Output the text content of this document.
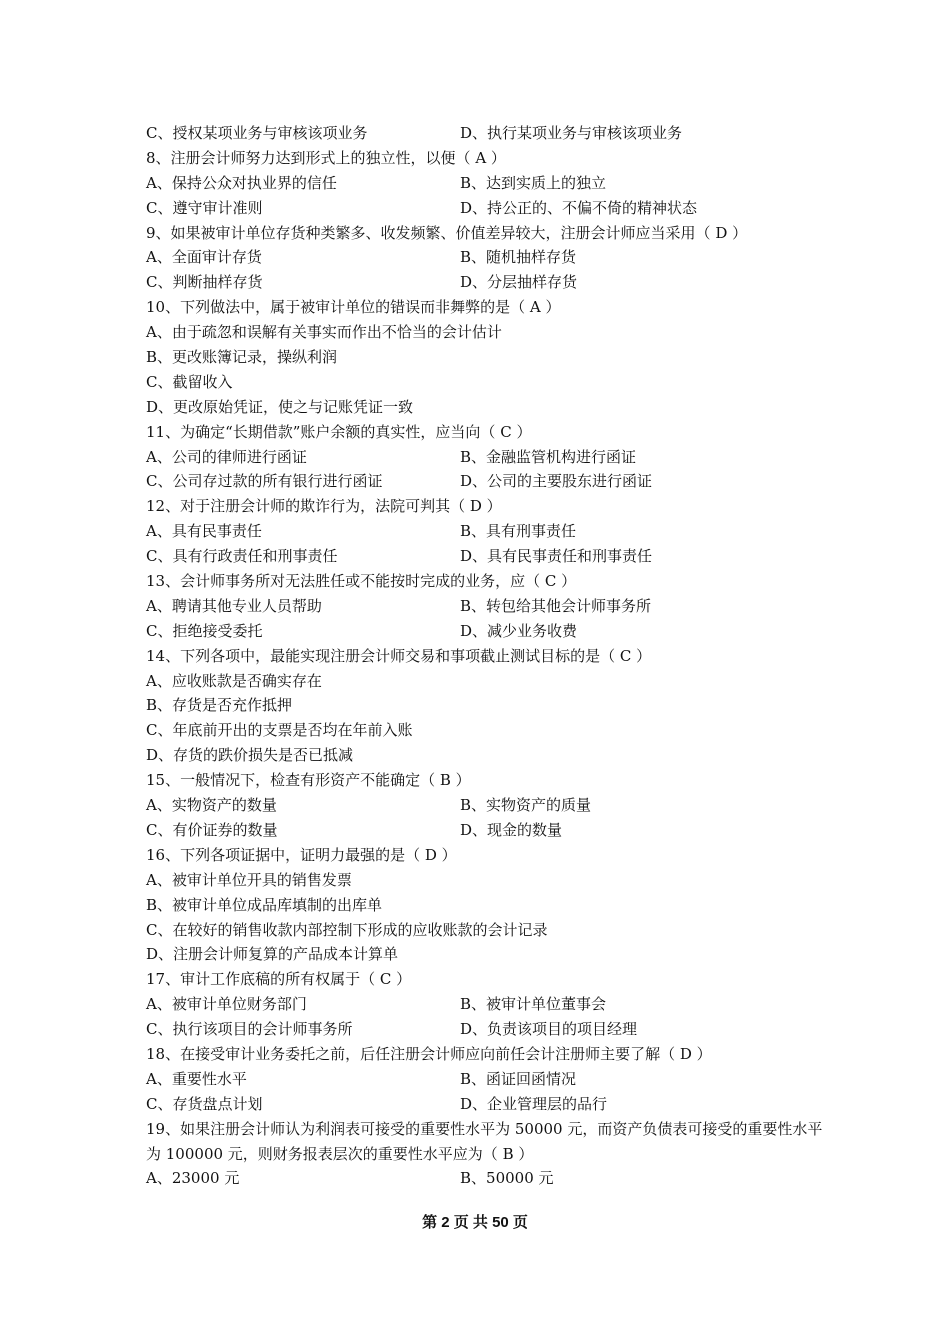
C、授权某项业务与审核该项业务	D、执行某项业务与审核该项业务
8、注册会计师努力达到形式上的独立性，以便（ A ）
A、保持公众对执业界的信任	B、达到实质上的独立
C、遵守审计准则	D、持公正的、不偏不倚的精神状态
9、如果被审计单位存货种类繁多、收发频繁、价值差异较大，注册会计师应当采用（ D ）
A、全面审计存货	B、随机抽样存货
C、判断抽样存货	D、分层抽样存货
10、下列做法中，属于被审计单位的错误而非舞弊的是（ A ）
A、由于疏忽和误解有关事实而作出不恰当的会计估计
B、更改账簿记录，操纵利润
C、截留收入
D、更改原始凭证，使之与记账凭证一致
11、为确定“长期借款”账户余额的真实性，应当向（ C ）
A、公司的律师进行函证	B、金融监管机构进行函证
C、公司存过款的所有银行进行函证	D、公司的主要股东进行函证
12、对于注册会计师的欺诈行为，法院可判其（ D ）
A、具有民事责任	B、具有刑事责任
C、具有行政责任和刑事责任	D、具有民事责任和刑事责任
13、会计师事务所对无法胜任或不能按时完成的业务，应（ C ）
A、聘请其他专业人员帮助	B、转包给其他会计师事务所
C、拒绝接受委托	D、减少业务收费
14、下列各项中，最能实现注册会计师交易和事项截止测试目标的是（ C ）
A、应收账款是否确实存在
B、存货是否充作抵押
C、年底前开出的支票是否均在年前入账
D、存货的跌价损失是否已抵减
15、一般情况下，检查有形资产不能确定（ B ）
A、实物资产的数量	B、实物资产的质量
C、有价证券的数量	D、现金的数量
16、下列各项证据中，证明力最强的是（ D ）
A、被审计单位开具的销售发票
B、被审计单位成品库填制的出库单
C、在较好的销售收款内部控制下形成的应收账款的会计记录
D、注册会计师复算的产品成本计算单
17、审计工作底稿的所有权属于（ C ）
A、被审计单位财务部门	B、被审计单位董事会
C、执行该项目的会计师事务所	D、负责该项目的项目经理
18、在接受审计业务委托之前，后任注册会计师应向前任会计注册师主要了解（ D ）
A、重要性水平	B、函证回函情况
C、存货盘点计划	D、企业管理层的品行
19、如果注册会计师认为利润表可接受的重要性水平为 50000 元，而资产负债表可接受的重要性水平为 100000 元，则财务报表层次的重要性水平应为（ B ）
A、23000 元	B、50000 元
第 2 页 共 50 页
